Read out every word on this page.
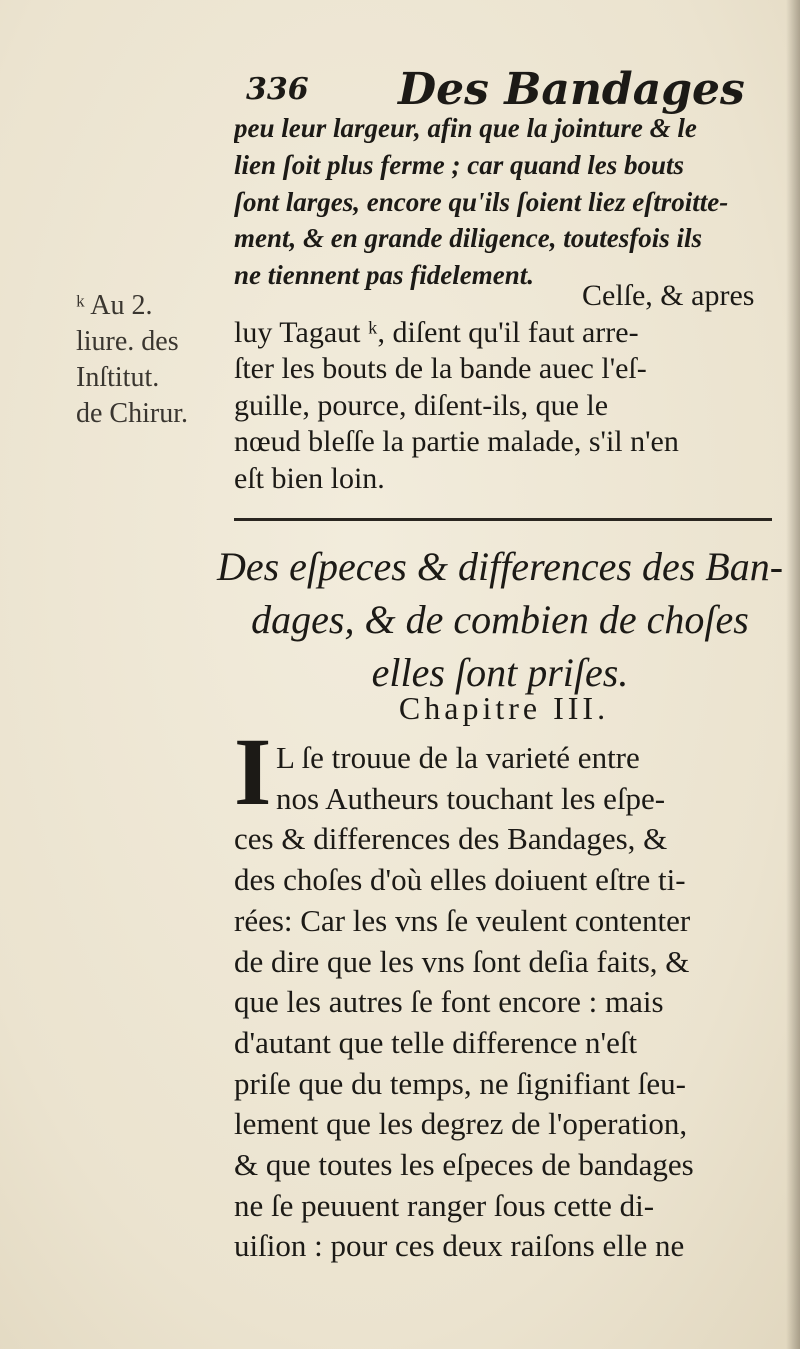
336 Des Bandages
ᵏ Au 2.
liure. des
Inſtitut.
de Chirur.
peu leur largeur, afin que la jointure & le
lien ſoit plus ferme ; car quand les bouts
ſont larges, encore qu'ils ſoient liez eſtroitte-
ment, & en grande diligence, toutesfois ils
ne tiennent pas fidelement.
Celſe, & apres
luy Tagaut ᵏ, diſent qu'il faut arre-
ſter les bouts de la bande auec l'eſ-
guille, pource, diſent-ils, que le
nœud bleſſe la partie malade, s'il n'en
eſt bien loin.
Des eſpeces & differences des Ban-
dages, & de combien de choſes
elles ſont priſes.
Chapitre III.
I L ſe trouue de la varieté entre
nos Autheurs touchant les eſpe-
ces & differences des Bandages, &
des choſes d'où elles doiuent eſtre ti-
rées: Car les vns ſe veulent contenter
de dire que les vns ſont deſia faits, &
que les autres ſe font encore : mais
d'autant que telle difference n'eſt
priſe que du temps, ne ſignifiant ſeu-
lement que les degrez de l'operation,
& que toutes les eſpeces de bandages
ne ſe peuuent ranger ſous cette di-
uiſion : pour ces deux raiſons elle ne
